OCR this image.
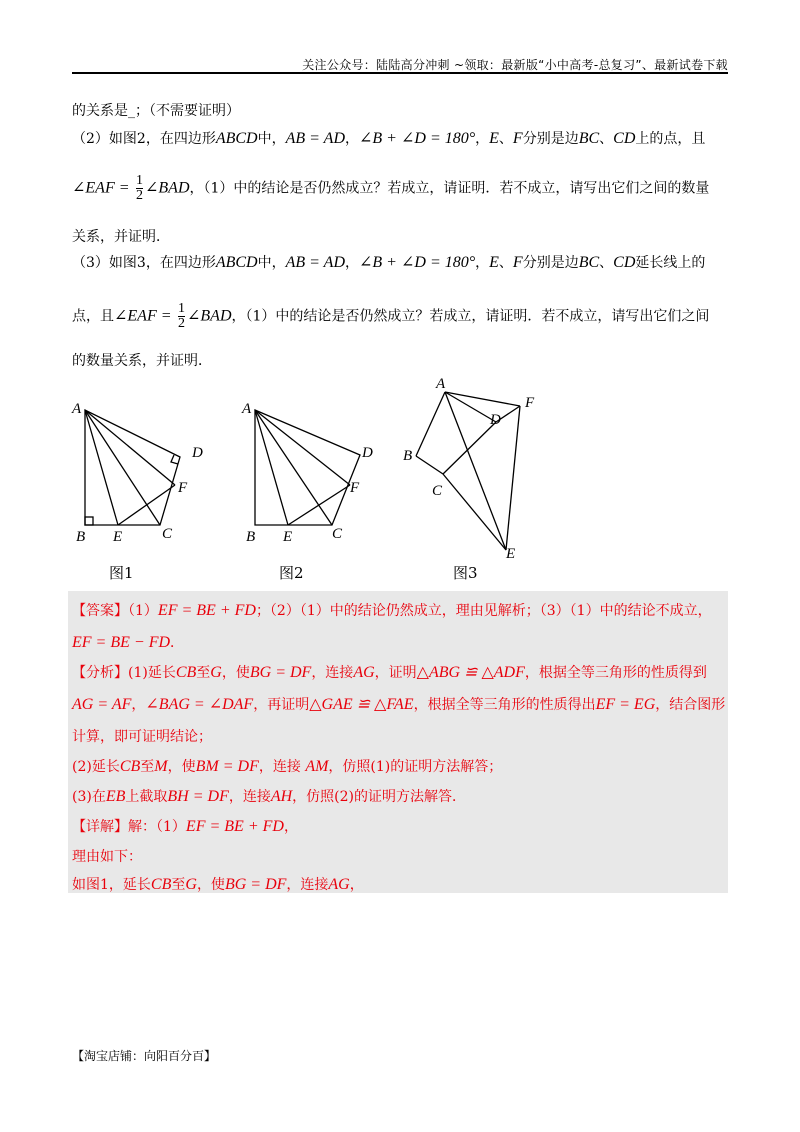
关注公众号：陆陆高分冲刺 ~领取：最新版“小中高考-总复习”、最新试卷下载
的关系是_；（不需要证明）
（2）如图2，在四边形ABCD中，AB = AD，∠B + ∠D = 180°，E、F分别是边BC、CD上的点，且
∠EAF = $\frac{1}{2}$ ∠BAD，（1）中的结论是否仍然成立？若成立，请证明．若不成立，请写出它们之间的数量
关系，并证明．
（3）如图3，在四边形ABCD中，AB = AD，∠B + ∠D = 180°，E、F分别是边BC、CD延长线上的
点，且∠EAF = $\frac{1}{2}$ ∠BAD，（1）中的结论是否仍然成立？若成立，请证明．若不成立，请写出它们之间
的数量关系，并证明．
A
B E	C
F
D
图1
A
B E	C
F
D
图2
A
F
D
B
C
E
图3
【答案】（1）EF = BE + FD；（2）（1）中的结论仍然成立，理由见解析；（3）（1）中的结论不成立，
EF = BE − FD．
【分析】(1)延长CB至G，使BG = DF，连接AG，证明△ABG ≌ △ADF，根据全等三角形的性质得到
AG = AF，∠BAG = ∠DAF，再证明△GAE ≌ △FAE，根据全等三角形的性质得出EF = EG，结合图形
计算，即可证明结论；
(2)延长CB至M，使BM = DF，连接 AM，仿照(1)的证明方法解答；
(3)在EB上截取BH = DF，连接AH，仿照(2)的证明方法解答．
【详解】解：（1）EF = BE + FD，
理由如下：
如图1，延长CB至G，使BG = DF，连接AG，
【淘宝店铺：向阳百分百】
